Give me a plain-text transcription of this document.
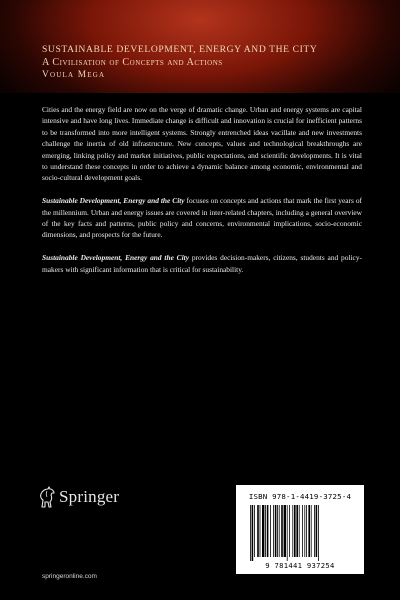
SUSTAINABLE DEVELOPMENT, ENERGY AND THE CITY
A Civilisation of Concepts and Actions
Voula Mega

Cities and the energy field are now on the verge of dramatic change. Urban and energy systems are capital intensive and have long lives. Immediate change is difficult and innovation is crucial for inefficient patterns to be transformed into more intelligent systems. Strongly entrenched ideas vacillate and new investments challenge the inertia of old infrastructure. New concepts, values and technological breakthroughs are emerging, linking policy and market initiatives, public expectations, and scientific developments. It is vital to understand these concepts in order to achieve a dynamic balance among economic, environmental and socio-cultural development goals.

Sustainable Development, Energy and the City focuses on concepts and actions that mark the first years of the millennium. Urban and energy issues are covered in inter-related chapters, including a general overview of the key facts and patterns, public policy and concerns, environmental implications, socio-economic dimensions, and prospects for the future.

Sustainable Development, Energy and the City provides decision-makers, citizens, students and policy-makers with significant information that is critical for sustainability.

Springer
springeronline.com
ISBN 978-1-4419-3725-4
9 781441 937254
